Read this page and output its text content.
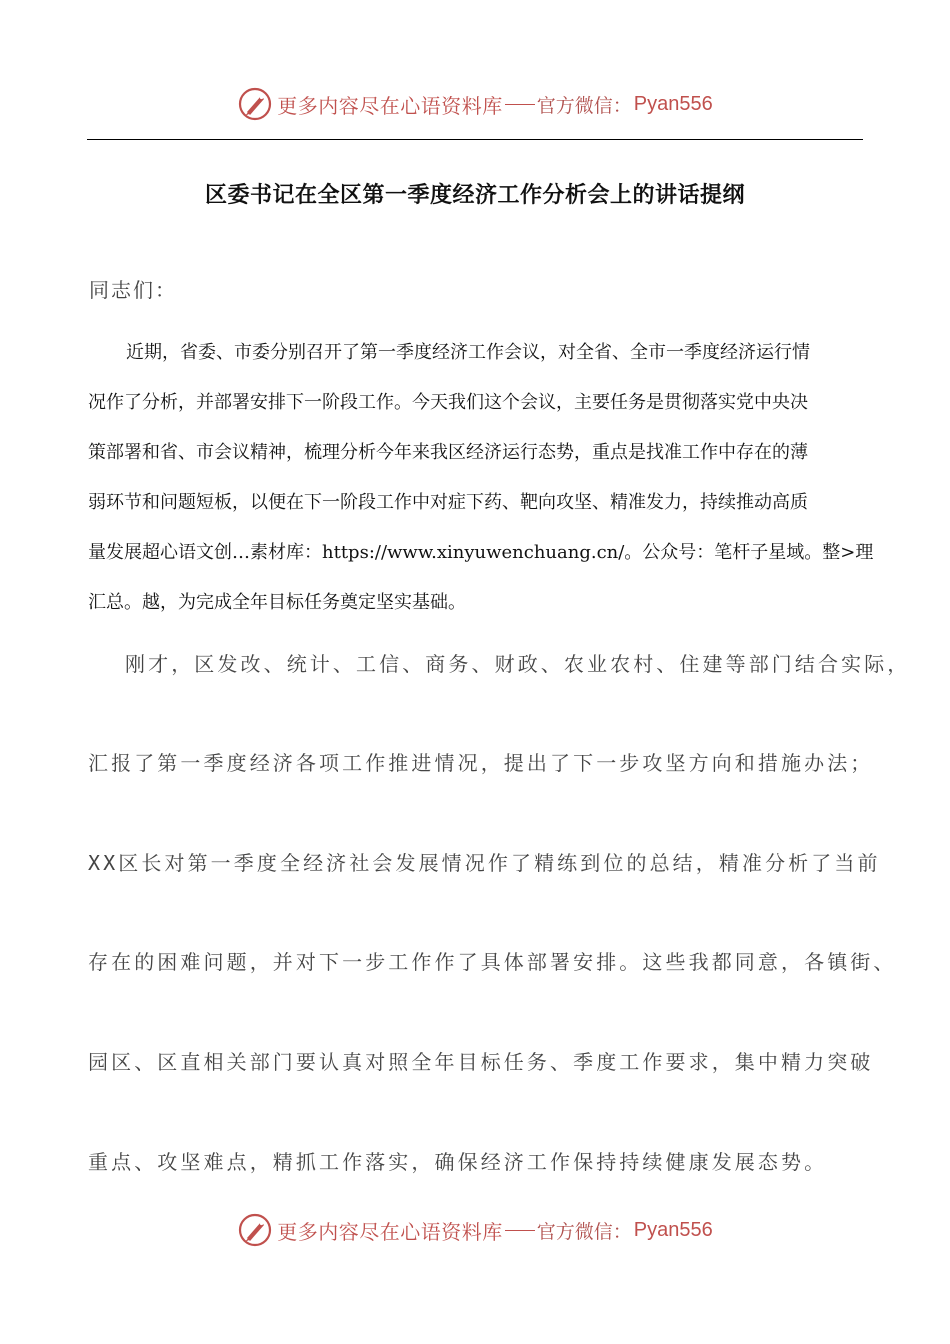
更多内容尽在心语资料库 官方微信： Pyan556
区委书记在全区第一季度经济工作分析会上的讲话提纲
同志们：
近期，省委、市委分别召开了第一季度经济工作会议，对全省、全市一季度经济运行情
况作了分析，并部署安排下一阶段工作。今天我们这个会议，主要任务是贯彻落实党中央决
策部署和省、市会议精神，梳理分析今年来我区经济运行态势，重点是找准工作中存在的薄
弱环节和问题短板，以便在下一阶段工作中对症下药、靶向攻坚、精准发力，持续推动高质
量发展超心语文创…素材库：https://www.xinyuwenchuang.cn/。公众号：笔杆子星域。整>理
汇总。越，为完成全年目标任务奠定坚实基础。
刚才，区发改、统计、工信、商务、财政、农业农村、住建等部门结合实际，
汇报了第一季度经济各项工作推进情况，提出了下一步攻坚方向和措施办法；
XX区长对第一季度全经济社会发展情况作了精练到位的总结，精准分析了当前
存在的困难问题，并对下一步工作作了具体部署安排。这些我都同意，各镇街、
园区、区直相关部门要认真对照全年目标任务、季度工作要求，集中精力突破
重点、攻坚难点，精抓工作落实，确保经济工作保持持续健康发展态势。
更多内容尽在心语资料库 官方微信： Pyan556
